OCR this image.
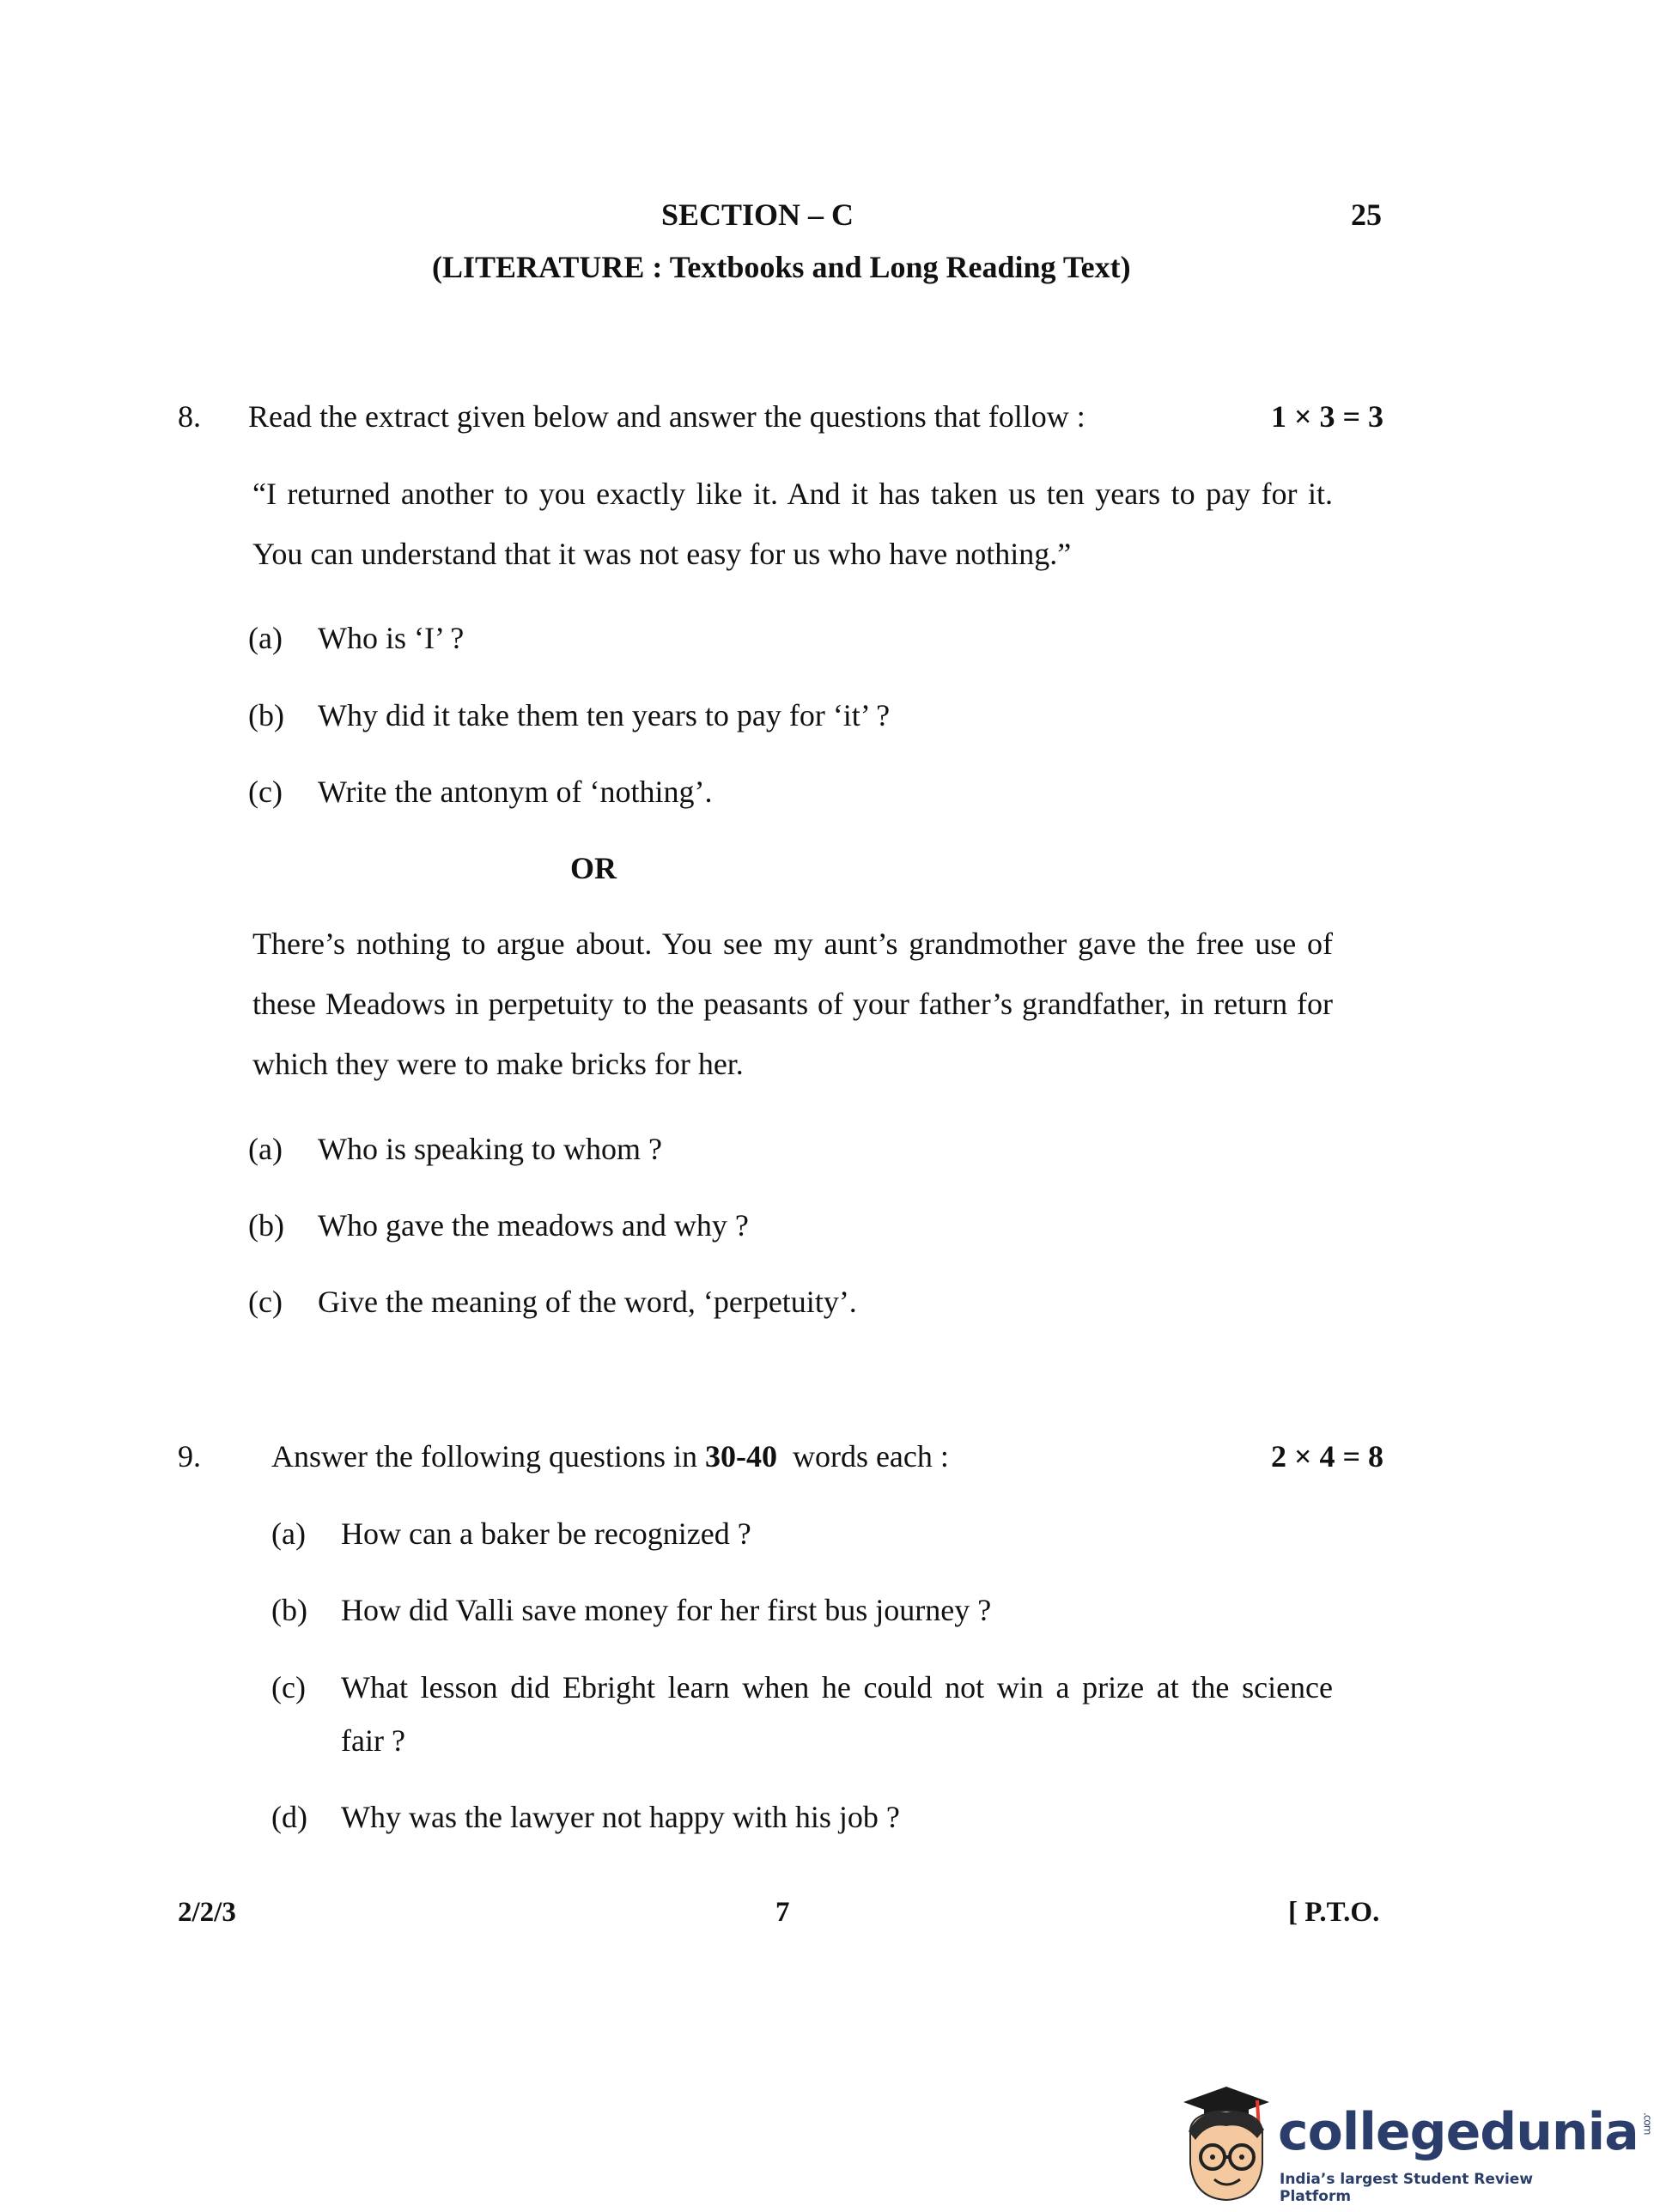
SECTION – C	25
(LITERATURE : Textbooks and Long Reading Text)
8. Read the extract given below and answer the questions that follow :	1 × 3 = 3
“I returned another to you exactly like it. And it has taken us ten years to pay for it.
You can understand that it was not easy for us who have nothing.”
(a) Who is ‘I’ ?
(b) Why did it take them ten years to pay for ‘it’ ?
(c) Write the antonym of ‘nothing’.
OR
There’s nothing to argue about. You see my aunt’s grandmother gave the free use of
these Meadows in perpetuity to the peasants of your father’s grandfather, in return for
which they were to make bricks for her.
(a) Who is speaking to whom ?
(b) Who gave the meadows and why ?
(c) Give the meaning of the word, ‘perpetuity’.
9. Answer the following questions in 30-40  words each :	2 × 4 = 8
(a) How can a baker be recognized ?
(b) How did Valli save money for her first bus journey ?
(c) What lesson did Ebright learn when he could not win a prize at the science
fair ?
(d) Why was the lawyer not happy with his job ?
2/2/3	7	[ P.T.O.
collegedunia .com
India’s largest Student Review Platform
